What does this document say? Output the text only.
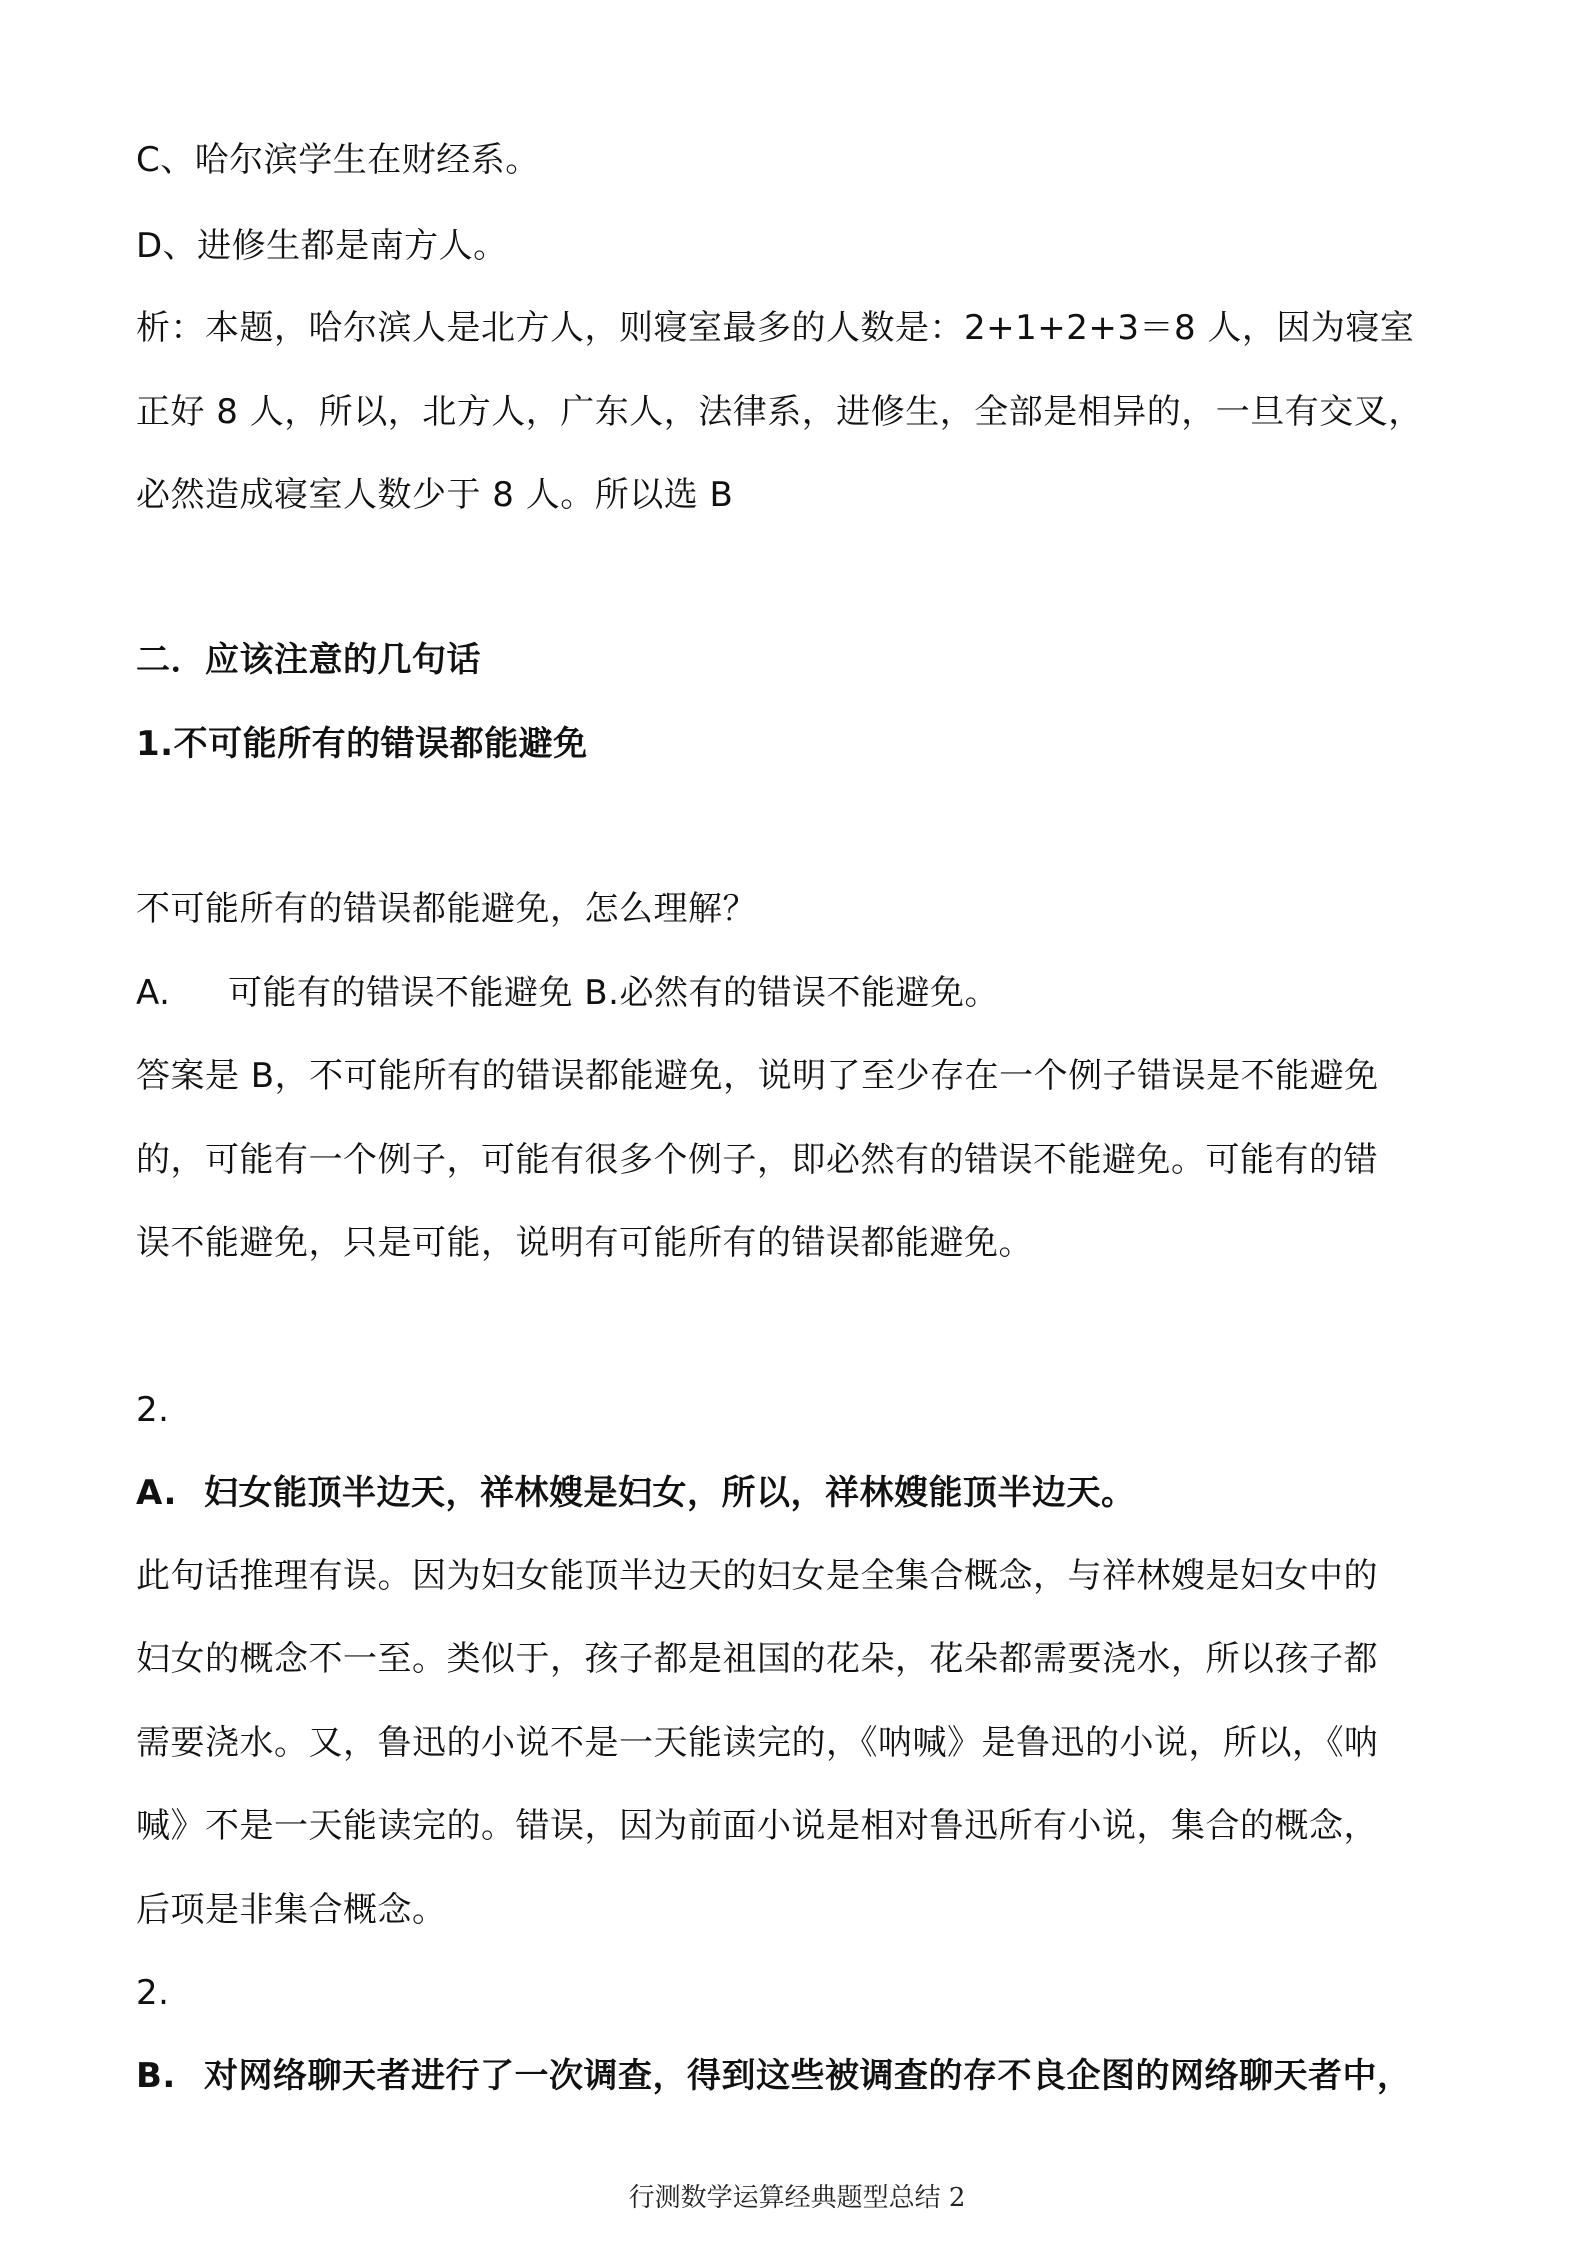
C、哈尔滨学生在财经系。
D、进修生都是南方人。
析：本题，哈尔滨人是北方人，则寝室最多的人数是：2+1+2+3＝8 人，因为寝室
正好 8 人，所以，北方人，广东人，法律系，进修生，全部是相异的，一旦有交叉，
必然造成寝室人数少于 8 人。所以选 B
二．应该注意的几句话
1.不可能所有的错误都能避免
不可能所有的错误都能避免，怎么理解？
A. 可能有的错误不能避免 B.必然有的错误不能避免。
答案是 B，不可能所有的错误都能避免，说明了至少存在一个例子错误是不能避免
的，可能有一个例子，可能有很多个例子，即必然有的错误不能避免。可能有的错
误不能避免，只是可能，说明有可能所有的错误都能避免。
2.
A. 妇女能顶半边天，祥林嫂是妇女，所以，祥林嫂能顶半边天。
此句话推理有误。因为妇女能顶半边天的妇女是全集合概念，与祥林嫂是妇女中的
妇女的概念不一至。类似于，孩子都是祖国的花朵，花朵都需要浇水，所以孩子都
需要浇水。又，鲁迅的小说不是一天能读完的，《呐喊》是鲁迅的小说，所以，《呐
喊》不是一天能读完的。错误，因为前面小说是相对鲁迅所有小说，集合的概念，
后项是非集合概念。
2.
B. 对网络聊天者进行了一次调查，得到这些被调查的存不良企图的网络聊天者中，
行测数学运算经典题型总结 2
